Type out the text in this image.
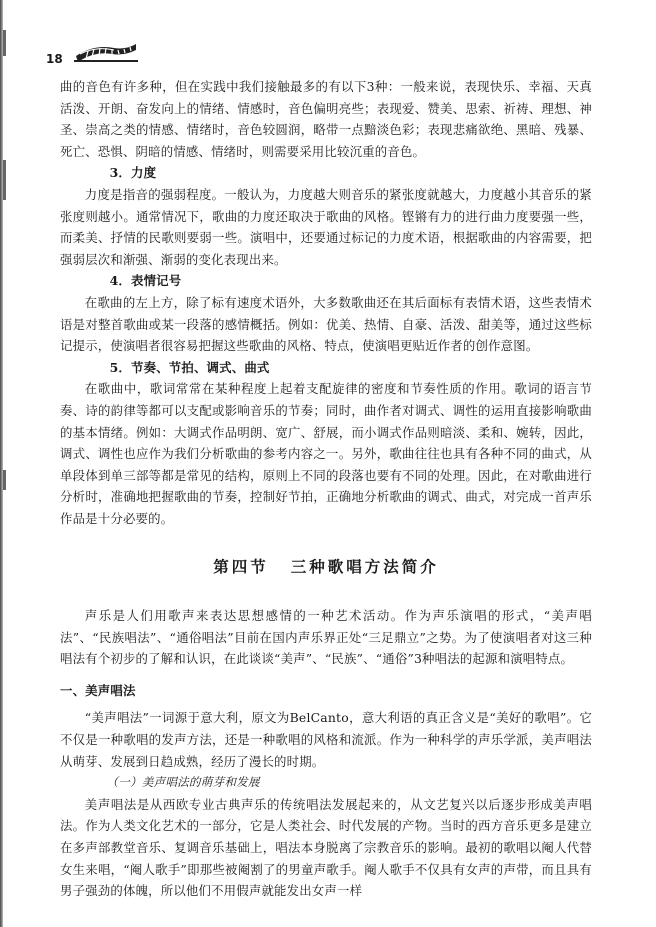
18

曲的音色有许多种，但在实践中我们接触最多的有以下3种：一般来说，表现快乐、幸福、天真活泼、开朗、奋发向上的情绪、情感时，音色偏明亮些；表现爱、赞美、思索、祈祷、理想、神圣、崇高之类的情感、情绪时，音色较圆润，略带一点黯淡色彩；表现悲痛欲绝、黑暗、残暴、死亡、恐惧、阴暗的情感、情绪时，则需要采用比较沉重的音色。

3．力度

力度是指音的强弱程度。一般认为，力度越大则音乐的紧张度就越大，力度越小其音乐的紧张度则越小。通常情况下，歌曲的力度还取决于歌曲的风格。铿锵有力的进行曲力度要强一些，而柔美、抒情的民歌则要弱一些。演唱中，还要通过标记的力度术语，根据歌曲的内容需要，把强弱层次和渐强、渐弱的变化表现出来。

4．表情记号

在歌曲的左上方，除了标有速度术语外，大多数歌曲还在其后面标有表情术语，这些表情术语是对整首歌曲或某一段落的感情概括。例如：优美、热情、自豪、活泼、甜美等，通过这些标记提示，使演唱者很容易把握这些歌曲的风格、特点，使演唱更贴近作者的创作意图。

5．节奏、节拍、调式、曲式

在歌曲中，歌词常常在某种程度上起着支配旋律的密度和节奏性质的作用。歌词的语言节奏、诗的韵律等都可以支配或影响音乐的节奏；同时，曲作者对调式、调性的运用直接影响歌曲的基本情绪。例如：大调式作品明朗、宽广、舒展，而小调式作品则暗淡、柔和、婉转，因此，调式、调性也应作为我们分析歌曲的参考内容之一。另外，歌曲往往也具有各种不同的曲式，从单段体到单三部等都是常见的结构，原则上不同的段落也要有不同的处理。因此，在对歌曲进行分析时，准确地把握歌曲的节奏，控制好节拍，正确地分析歌曲的调式、曲式，对完成一首声乐作品是十分必要的。

第四节 三种歌唱方法简介

声乐是人们用歌声来表达思想感情的一种艺术活动。作为声乐演唱的形式，“美声唱法”、“民族唱法”、“通俗唱法”目前在国内声乐界正处“三足鼎立”之势。为了使演唱者对这三种唱法有个初步的了解和认识，在此谈谈“美声”、“民族”、“通俗”3种唱法的起源和演唱特点。

一、美声唱法

“美声唱法”一词源于意大利，原文为BelCanto，意大利语的真正含义是“美好的歌唱”。它不仅是一种歌唱的发声方法，还是一种歌唱的风格和流派。作为一种科学的声乐学派，美声唱法从萌芽、发展到日趋成熟，经历了漫长的时期。

（一）美声唱法的萌芽和发展

美声唱法是从西欧专业古典声乐的传统唱法发展起来的，从文艺复兴以后逐步形成美声唱法。作为人类文化艺术的一部分，它是人类社会、时代发展的产物。当时的西方音乐更多是建立在多声部教堂音乐、复调音乐基础上，唱法本身脱离了宗教音乐的影响。最初的歌唱以阉人代替女生来唱，“阉人歌手”即那些被阉割了的男童声歌手。阉人歌手不仅具有女声的声带，而且具有男子强劲的体魄，所以他们不用假声就能发出女声一样
